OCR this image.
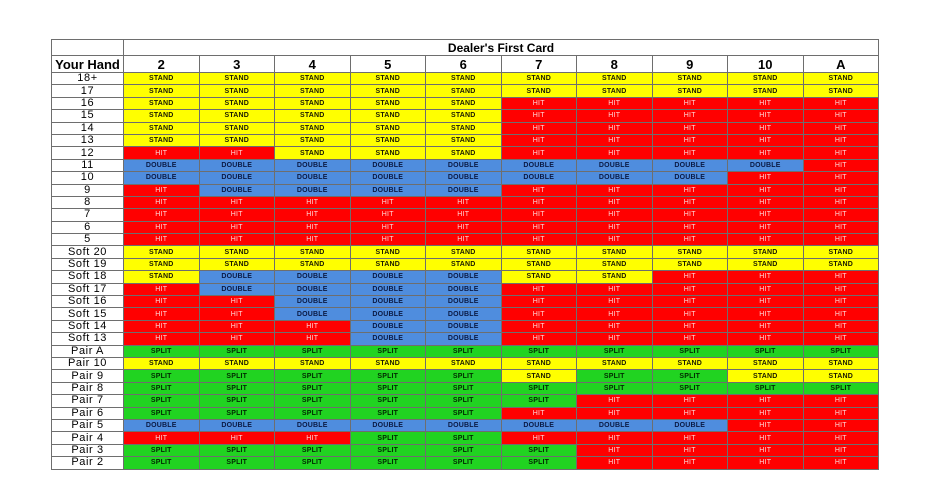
	Dealer's First Card									
Your Hand	2	3	4	5	6	7	8	9	10	A
18+	STAND	STAND	STAND	STAND	STAND	STAND	STAND	STAND	STAND	STAND
17	STAND	STAND	STAND	STAND	STAND	STAND	STAND	STAND	STAND	STAND
16	STAND	STAND	STAND	STAND	STAND	HIT	HIT	HIT	HIT	HIT
15	STAND	STAND	STAND	STAND	STAND	HIT	HIT	HIT	HIT	HIT
14	STAND	STAND	STAND	STAND	STAND	HIT	HIT	HIT	HIT	HIT
13	STAND	STAND	STAND	STAND	STAND	HIT	HIT	HIT	HIT	HIT
12	HIT	HIT	STAND	STAND	STAND	HIT	HIT	HIT	HIT	HIT
11	DOUBLE	DOUBLE	DOUBLE	DOUBLE	DOUBLE	DOUBLE	DOUBLE	DOUBLE	DOUBLE	HIT
10	DOUBLE	DOUBLE	DOUBLE	DOUBLE	DOUBLE	DOUBLE	DOUBLE	DOUBLE	HIT	HIT
9	HIT	DOUBLE	DOUBLE	DOUBLE	DOUBLE	HIT	HIT	HIT	HIT	HIT
8	HIT	HIT	HIT	HIT	HIT	HIT	HIT	HIT	HIT	HIT
7	HIT	HIT	HIT	HIT	HIT	HIT	HIT	HIT	HIT	HIT
6	HIT	HIT	HIT	HIT	HIT	HIT	HIT	HIT	HIT	HIT
5	HIT	HIT	HIT	HIT	HIT	HIT	HIT	HIT	HIT	HIT
Soft 20	STAND	STAND	STAND	STAND	STAND	STAND	STAND	STAND	STAND	STAND
Soft 19	STAND	STAND	STAND	STAND	STAND	STAND	STAND	STAND	STAND	STAND
Soft 18	STAND	DOUBLE	DOUBLE	DOUBLE	DOUBLE	STAND	STAND	HIT	HIT	HIT
Soft 17	HIT	DOUBLE	DOUBLE	DOUBLE	DOUBLE	HIT	HIT	HIT	HIT	HIT
Soft 16	HIT	HIT	DOUBLE	DOUBLE	DOUBLE	HIT	HIT	HIT	HIT	HIT
Soft 15	HIT	HIT	DOUBLE	DOUBLE	DOUBLE	HIT	HIT	HIT	HIT	HIT
Soft 14	HIT	HIT	HIT	DOUBLE	DOUBLE	HIT	HIT	HIT	HIT	HIT
Soft 13	HIT	HIT	HIT	DOUBLE	DOUBLE	HIT	HIT	HIT	HIT	HIT
Pair A	SPLIT	SPLIT	SPLIT	SPLIT	SPLIT	SPLIT	SPLIT	SPLIT	SPLIT	SPLIT
Pair 10	STAND	STAND	STAND	STAND	STAND	STAND	STAND	STAND	STAND	STAND
Pair 9	SPLIT	SPLIT	SPLIT	SPLIT	SPLIT	STAND	SPLIT	SPLIT	STAND	STAND
Pair 8	SPLIT	SPLIT	SPLIT	SPLIT	SPLIT	SPLIT	SPLIT	SPLIT	SPLIT	SPLIT
Pair 7	SPLIT	SPLIT	SPLIT	SPLIT	SPLIT	SPLIT	HIT	HIT	HIT	HIT
Pair 6	SPLIT	SPLIT	SPLIT	SPLIT	SPLIT	HIT	HIT	HIT	HIT	HIT
Pair 5	DOUBLE	DOUBLE	DOUBLE	DOUBLE	DOUBLE	DOUBLE	DOUBLE	DOUBLE	HIT	HIT
Pair 4	HIT	HIT	HIT	SPLIT	SPLIT	HIT	HIT	HIT	HIT	HIT
Pair 3	SPLIT	SPLIT	SPLIT	SPLIT	SPLIT	SPLIT	HIT	HIT	HIT	HIT
Pair 2	SPLIT	SPLIT	SPLIT	SPLIT	SPLIT	SPLIT	HIT	HIT	HIT	HIT
